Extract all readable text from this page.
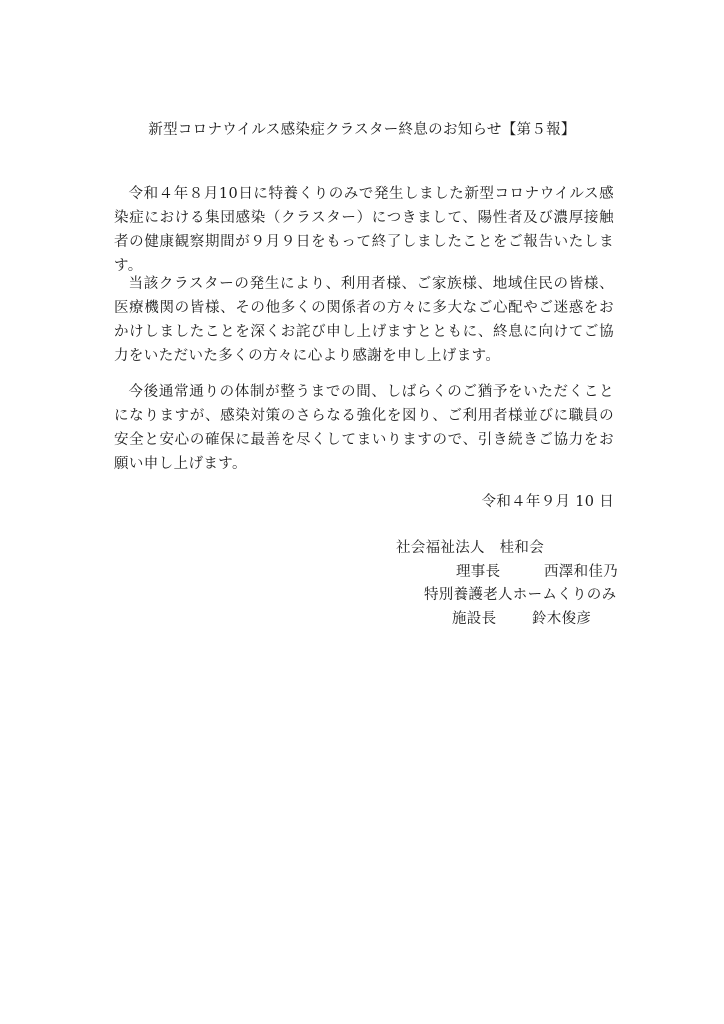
新型コロナウイルス感染症クラスター終息のお知らせ【第５報】
令和４年８月10日に特養くりのみで発生しました新型コロナウイルス感染症における集団感染（クラスター）につきまして、陽性者及び濃厚接触者の健康観察期間が９月９日をもって終了しましたことをご報告いたします。
当該クラスターの発生により、利用者様、ご家族様、地域住民の皆様、医療機関の皆様、その他多くの関係者の方々に多大なご心配やご迷惑をおかけしましたことを深くお詫び申し上げますとともに、終息に向けてご協力をいただいた多くの方々に心より感謝を申し上げます。
今後通常通りの体制が整うまでの間、しばらくのご猶予をいただくことになりますが、感染対策のさらなる強化を図り、ご利用者様並びに職員の安全と安心の確保に最善を尽くしてまいりますので、引き続きご協力をお願い申し上げます。
令和４年９月 10 日
社会福祉法人　桂和会
理事長	西澤和佳乃
特別養護老人ホームくりのみ
施設長 鈴木俊彦
